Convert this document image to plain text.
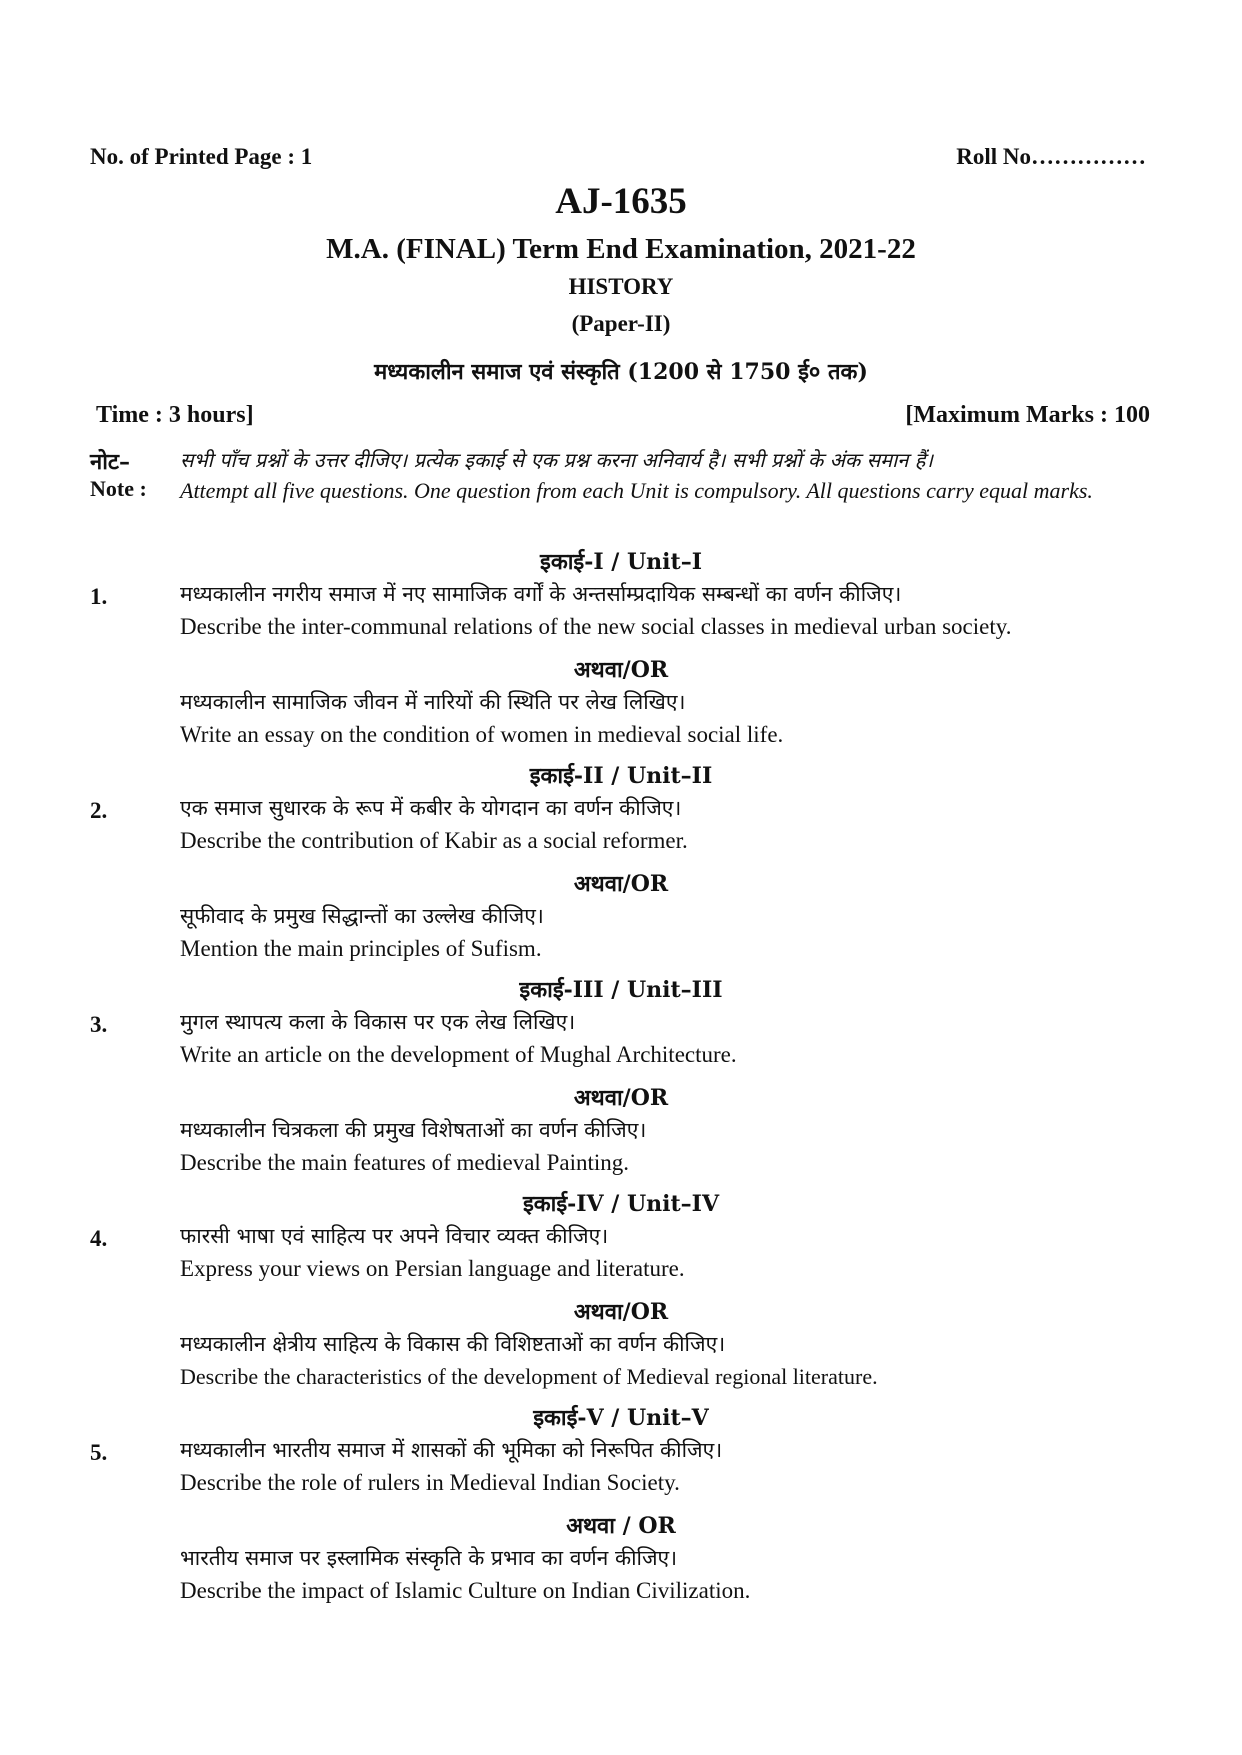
No. of Printed Page : 1	Roll No……………
AJ-1635
M.A. (FINAL) Term End Examination, 2021-22
HISTORY
(Paper-II)
मध्यकालीन समाज एवं संस्कृति (1200 से 1750 ई० तक)
Time : 3 hours]	[Maximum Marks : 100
नोट–	सभी पाँच प्रश्नों के उत्तर दीजिए। प्रत्येक इकाई से एक प्रश्न करना अनिवार्य है। सभी प्रश्नों के अंक समान हैं।
Note : Attempt all five questions. One question from each Unit is compulsory. All questions carry equal marks.
इकाई-I / Unit–I
1.	मध्यकालीन नगरीय समाज में नए सामाजिक वर्गों के अन्तर्साम्प्रदायिक सम्बन्धों का वर्णन कीजिए।
Describe the inter-communal relations of the new social classes in medieval urban society.
अथवा/OR
मध्यकालीन सामाजिक जीवन में नारियों की स्थिति पर लेख लिखिए।
Write an essay on the condition of women in medieval social life.
इकाई-II / Unit–II
2.	एक समाज सुधारक के रूप में कबीर के योगदान का वर्णन कीजिए।
Describe the contribution of Kabir as a social reformer.
अथवा/OR
सूफीवाद के प्रमुख सिद्धान्तों का उल्लेख कीजिए।
Mention the main principles of Sufism.
इकाई-III / Unit–III
3.	मुगल स्थापत्य कला के विकास पर एक लेख लिखिए।
Write an article on the development of Mughal Architecture.
अथवा/OR
मध्यकालीन चित्रकला की प्रमुख विशेषताओं का वर्णन कीजिए।
Describe the main features of medieval Painting.
इकाई-IV / Unit–IV
4.	फारसी भाषा एवं साहित्य पर अपने विचार व्यक्त कीजिए।
Express your views on Persian language and literature.
अथवा/OR
मध्यकालीन क्षेत्रीय साहित्य के विकास की विशिष्टताओं का वर्णन कीजिए।
Describe the characteristics of the development of Medieval regional literature.
इकाई-V / Unit–V
5.	मध्यकालीन भारतीय समाज में शासकों की भूमिका को निरूपित कीजिए।
Describe the role of rulers in Medieval Indian Society.
अथवा / OR
भारतीय समाज पर इस्लामिक संस्कृति के प्रभाव का वर्णन कीजिए।
Describe the impact of Islamic Culture on Indian Civilization.
